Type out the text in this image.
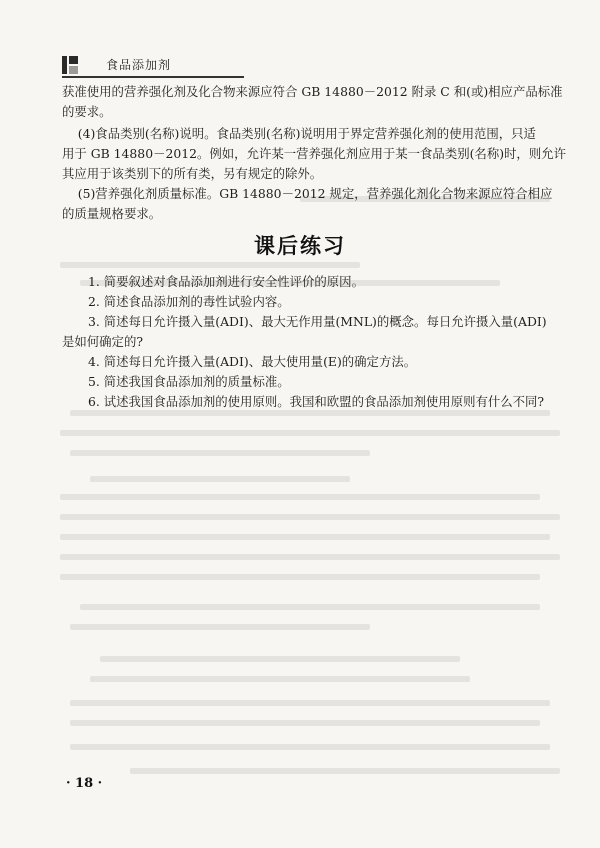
食品添加剂
获准使用的营养强化剂及化合物来源应符合 GB 14880－2012 附录 C 和(或)相应产品标准
的要求。
(4)食品类别(名称)说明。食品类别(名称)说明用于界定营养强化剂的使用范围，只适
用于 GB 14880－2012。例如，允许某一营养强化剂应用于某一食品类别(名称)时，则允许
其应用于该类别下的所有类，另有规定的除外。
(5)营养强化剂质量标准。GB 14880－2012 规定，营养强化剂化合物来源应符合相应
的质量规格要求。
课后练习
1. 简要叙述对食品添加剂进行安全性评价的原因。
2. 简述食品添加剂的毒性试验内容。
3. 简述每日允许摄入量(ADI)、最大无作用量(MNL)的概念。每日允许摄入量(ADI)
是如何确定的?
4. 简述每日允许摄入量(ADI)、最大使用量(E)的确定方法。
5. 简述我国食品添加剂的质量标准。
6. 试述我国食品添加剂的使用原则。我国和欧盟的食品添加剂使用原则有什么不同?
· 18 ·
